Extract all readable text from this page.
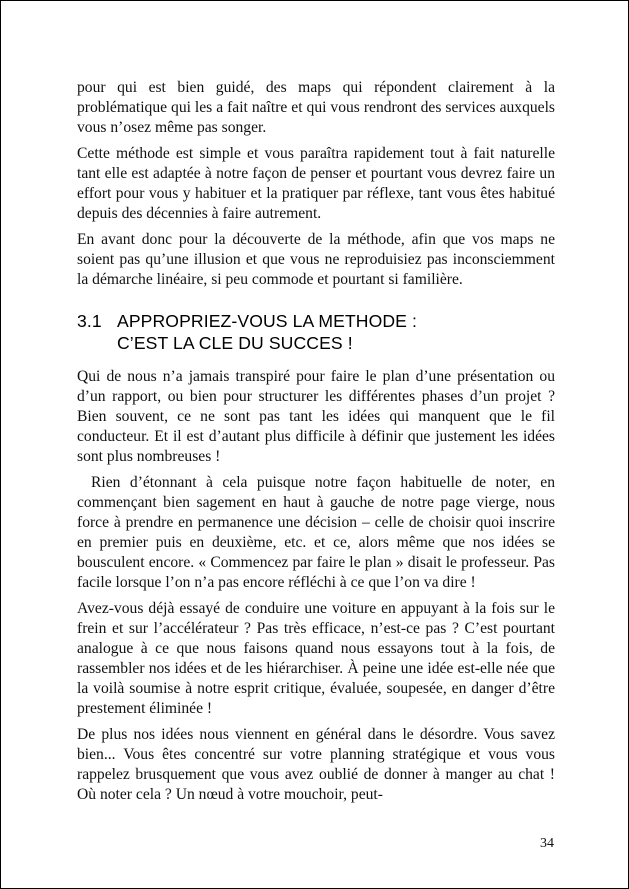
pour qui est bien guidé, des maps qui répondent clairement à la problématique qui les a fait naître et qui vous rendront des services auxquels vous n’osez même pas songer.

Cette méthode est simple et vous paraîtra rapidement tout à fait naturelle tant elle est adaptée à notre façon de penser et pourtant vous devrez faire un effort pour vous y habituer et la pratiquer par réflexe, tant vous êtes habitué depuis des décennies à faire autrement.

En avant donc pour la découverte de la méthode, afin que vos maps ne soient pas qu’une illusion et que vous ne reproduisiez pas inconsciemment la démarche linéaire, si peu commode et pourtant si familière.

3.1 APPROPRIEZ-VOUS LA METHODE :
C’EST LA CLE DU SUCCES !

Qui de nous n’a jamais transpiré pour faire le plan d’une présentation ou d’un rapport, ou bien pour structurer les différentes phases d’un projet ? Bien souvent, ce ne sont pas tant les idées qui manquent que le fil conducteur. Et il est d’autant plus difficile à définir que justement les idées sont plus nombreuses !

Rien d’étonnant à cela puisque notre façon habituelle de noter, en commençant bien sagement en haut à gauche de notre page vierge, nous force à prendre en permanence une décision – celle de choisir quoi inscrire en premier puis en deuxième, etc. et ce, alors même que nos idées se bousculent encore. « Commencez par faire le plan » disait le professeur. Pas facile lorsque l’on n’a pas encore réfléchi à ce que l’on va dire !

Avez-vous déjà essayé de conduire une voiture en appuyant à la fois sur le frein et sur l’accélérateur ? Pas très efficace, n’est-ce pas ? C’est pourtant analogue à ce que nous faisons quand nous essayons tout à la fois, de rassembler nos idées et de les hiérarchiser. À peine une idée est-elle née que la voilà soumise à notre esprit critique, évaluée, soupesée, en danger d’être prestement éliminée !

De plus nos idées nous viennent en général dans le désordre. Vous savez bien... Vous êtes concentré sur votre planning stratégique et vous vous rappelez brusquement que vous avez oublié de donner à manger au chat ! Où noter cela ? Un nœud à votre mouchoir, peut-

34
